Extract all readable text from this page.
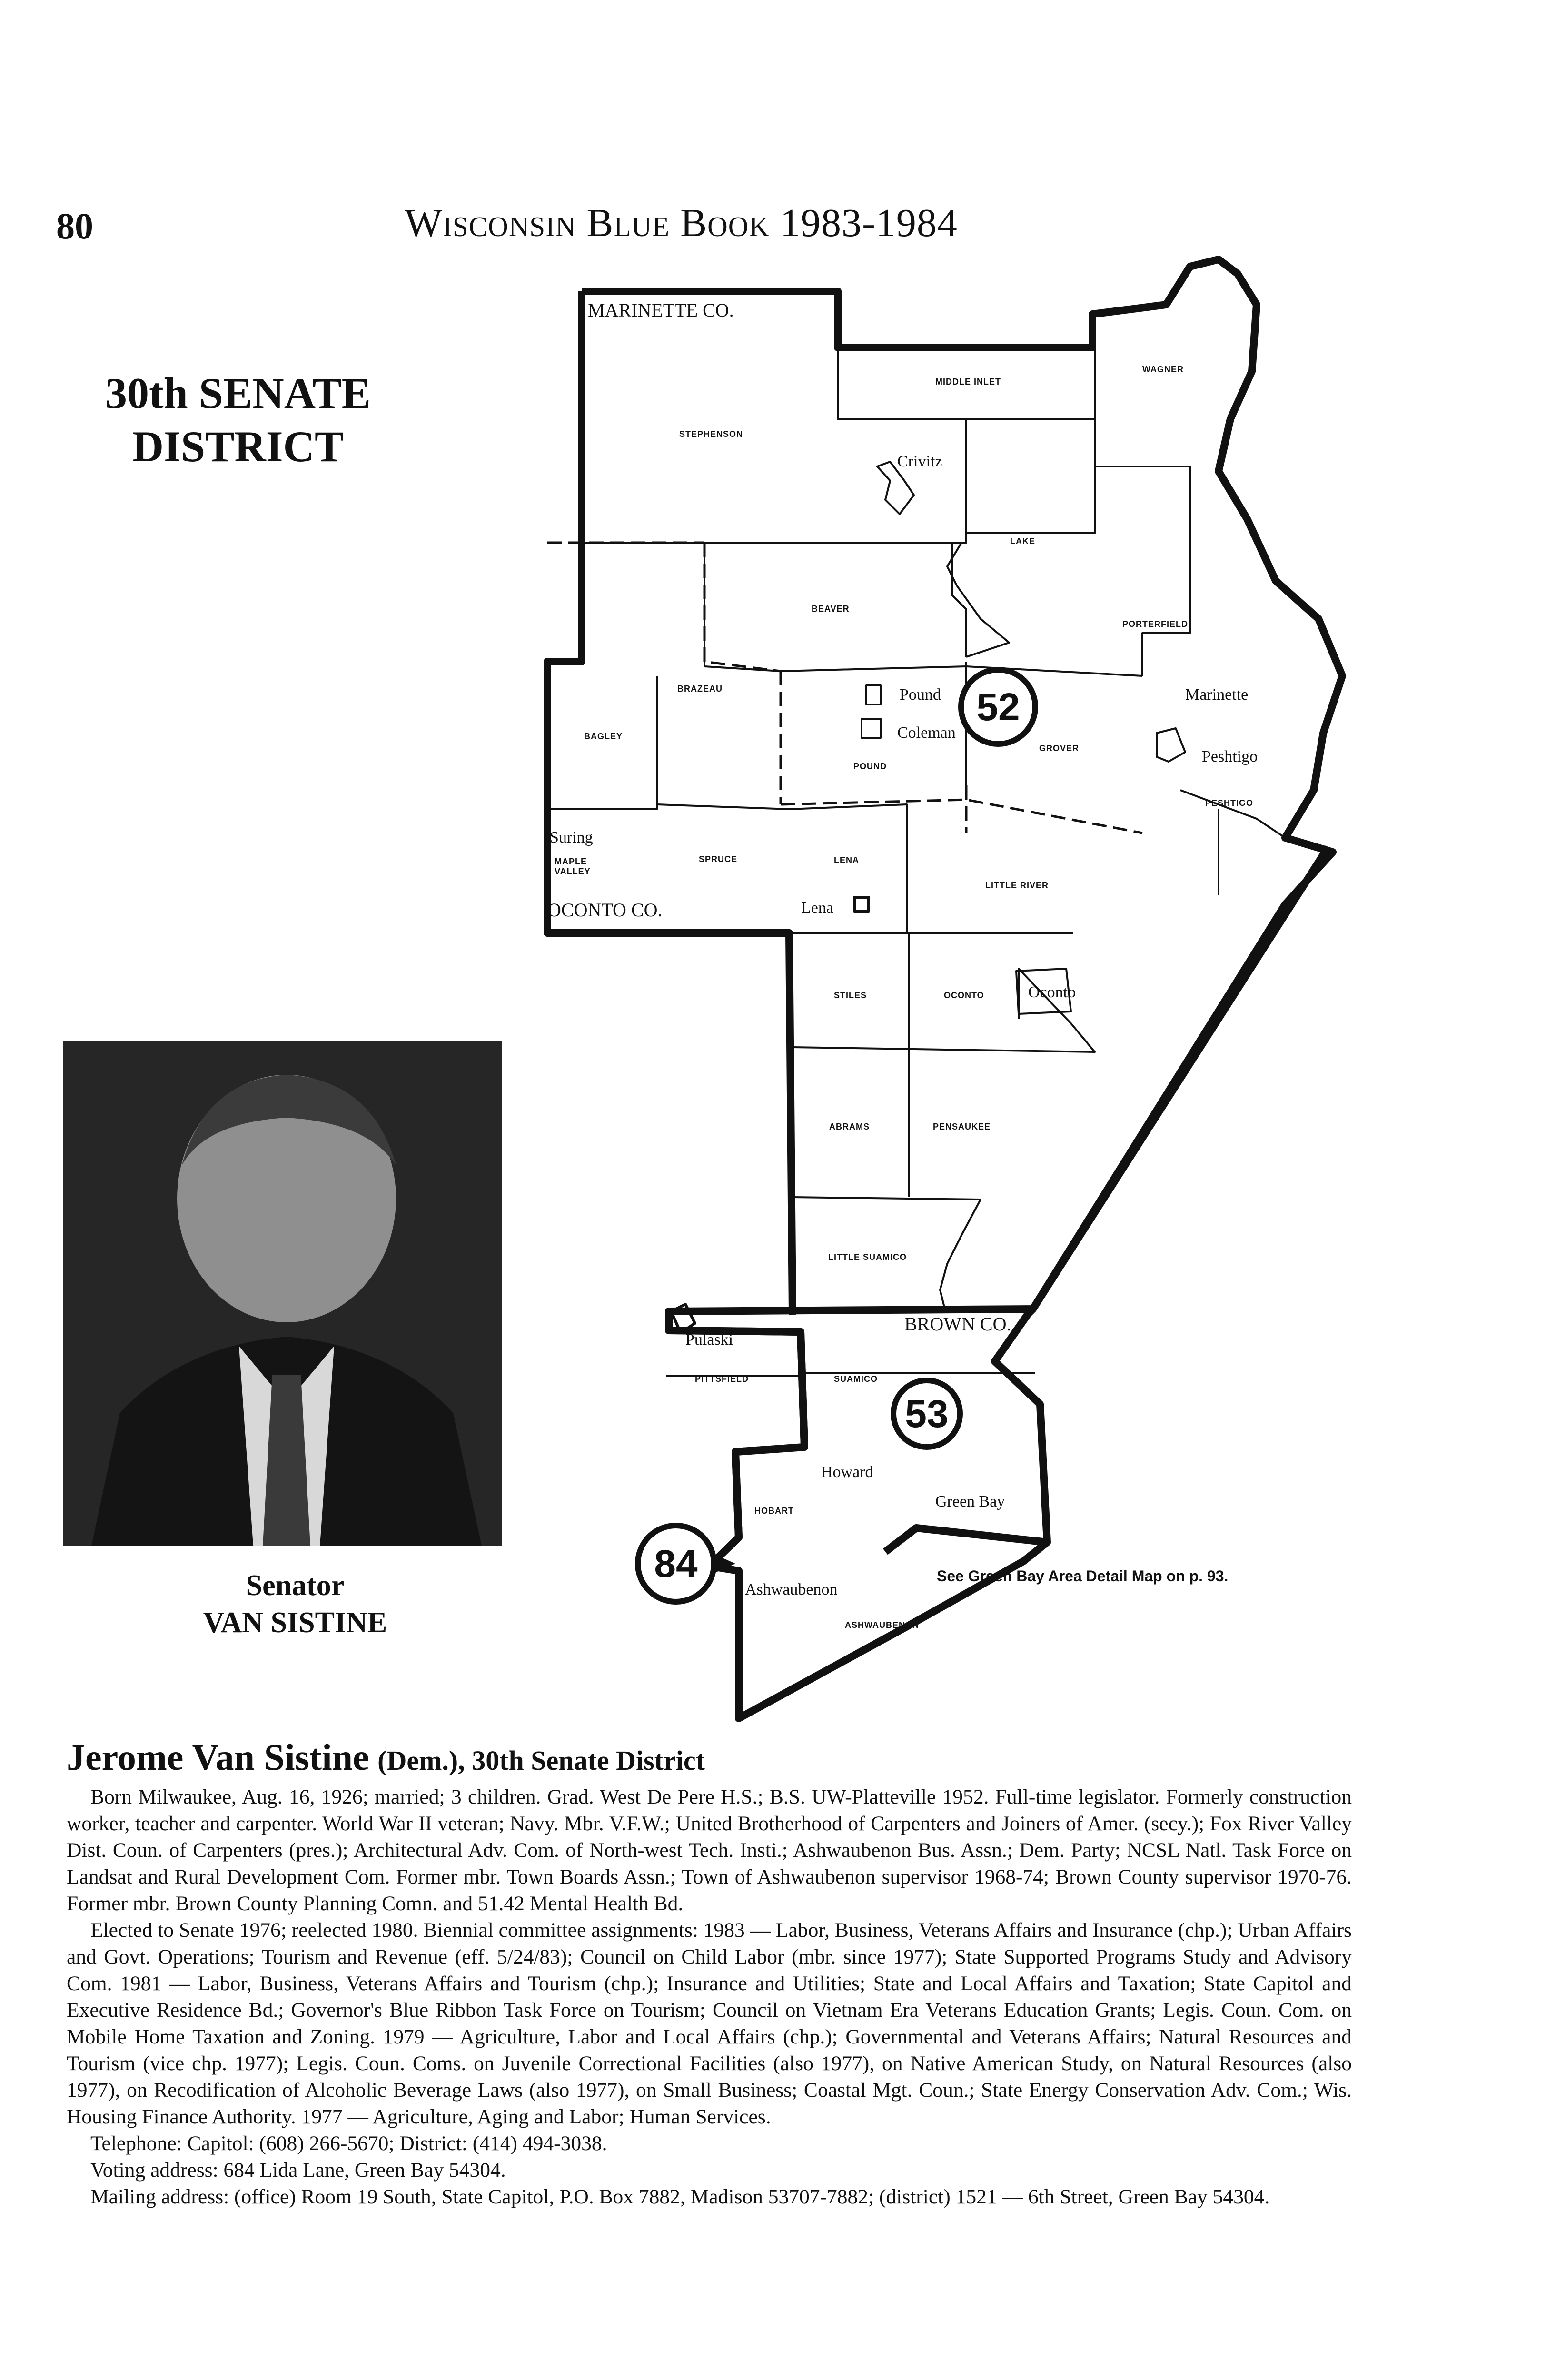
80	Wisconsin Blue Book 1983-1984
30th SENATE
DISTRICT
52
53
84
MARINETTE CO.
OCONTO CO.
BROWN CO.
WAGNER
MIDDLE INLET
STEPHENSON
LAKE
BEAVER
PORTERFIELD
BRAZEAU
BAGLEY
POUND
GROVER
PESHTIGO
MAPLE
VALLEY
SPRUCE	LENA
LITTLE RIVER
STILES	OCONTO
ABRAMS	PENSAUKEE
LITTLE SUAMICO
PITTSFIELD	SUAMICO
HOBART
ASHWAUBENON
Crivitz
Pound
Coleman
Marinette
Peshtigo
Suring
Lena
Oconto
Pulaski
Howard
Green Bay
Ashwaubenon
See Green Bay Area Detail Map on p. 93.
Senator
VAN SISTINE
Jerome Van Sistine (Dem.), 30th Senate District

Born Milwaukee, Aug. 16, 1926; married; 3 children. Grad. West De Pere H.S.; B.S. UW-Platteville 1952. Full-time legislator. Formerly construction worker, teacher and carpenter. World War II veteran; Navy. Mbr. V.F.W.; United Brotherhood of Carpenters and Joiners of Amer. (secy.); Fox River Valley Dist. Coun. of Carpenters (pres.); Architectural Adv. Com. of North-west Tech. Insti.; Ashwaubenon Bus. Assn.; Dem. Party; NCSL Natl. Task Force on Landsat and Rural Development Com. Former mbr. Town Boards Assn.; Town of Ashwaubenon supervisor 1968-74; Brown County supervisor 1970-76. Former mbr. Brown County Planning Comn. and 51.42 Mental Health Bd.

Elected to Senate 1976; reelected 1980. Biennial committee assignments: 1983 — Labor, Business, Veterans Affairs and Insurance (chp.); Urban Affairs and Govt. Operations; Tourism and Revenue (eff. 5/24/83); Council on Child Labor (mbr. since 1977); State Supported Programs Study and Advisory Com. 1981 — Labor, Business, Veterans Affairs and Tourism (chp.); Insurance and Utilities; State and Local Affairs and Taxation; State Capitol and Executive Residence Bd.; Governor's Blue Ribbon Task Force on Tourism; Council on Vietnam Era Veterans Education Grants; Legis. Coun. Com. on Mobile Home Taxation and Zoning. 1979 — Agriculture, Labor and Local Affairs (chp.); Governmental and Veterans Affairs; Natural Resources and Tourism (vice chp. 1977); Legis. Coun. Coms. on Juvenile Correctional Facilities (also 1977), on Native American Study, on Natural Resources (also 1977), on Recodification of Alcoholic Beverage Laws (also 1977), on Small Business; Coastal Mgt. Coun.; State Energy Conservation Adv. Com.; Wis. Housing Finance Authority. 1977 — Agriculture, Aging and Labor; Human Services.

Telephone: Capitol: (608) 266-5670; District: (414) 494-3038.

Voting address: 684 Lida Lane, Green Bay 54304.

Mailing address: (office) Room 19 South, State Capitol, P.O. Box 7882, Madison 53707-7882; (district) 1521 — 6th Street, Green Bay 54304.
